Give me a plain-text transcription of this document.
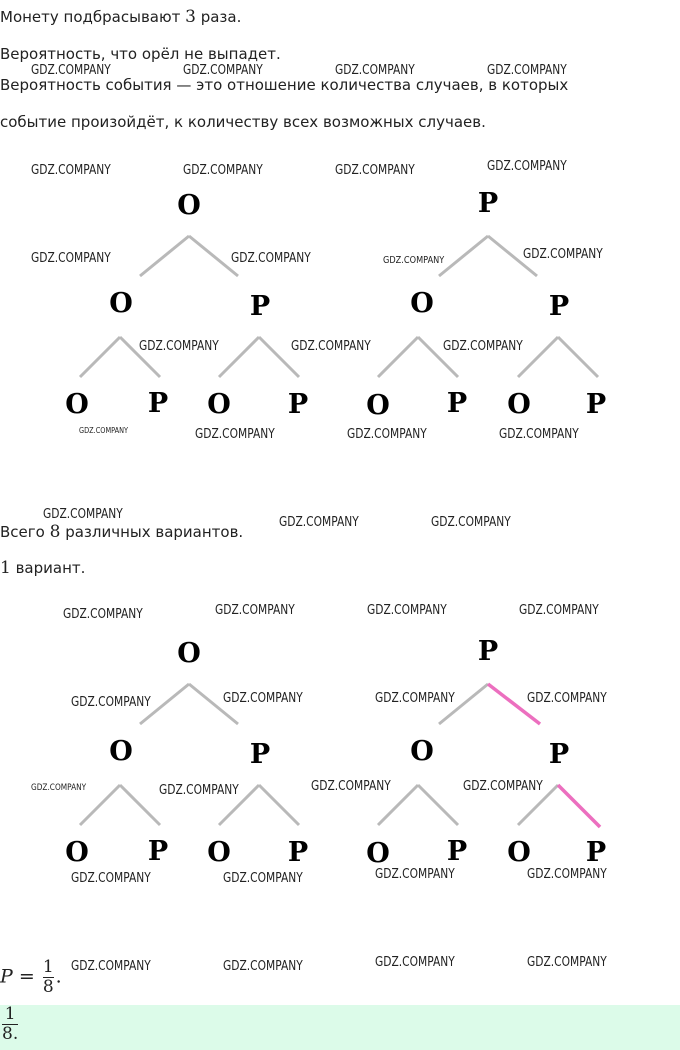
Монету подбрасывают 3 раза.
Вероятность, что орёл не выпадет.
Вероятность события — это отношение количества случаев, в которых
событие произойдёт, к количеству всех возможных случаев.
О	Р
О	Р	О	Р
О Р О Р О Р О Р
Всего 8 различных вариантов.
1 вариант.
О	Р
О	Р	О	Р
О Р О Р О Р О Р
$P = \frac{1}{8}$ .
1
8.
GDZ.COMPANY	GDZ.COMPANY	GDZ.COMPANY	GDZ.COMPANY
GDZ.COMPANY	GDZ.COMPANY	GDZ.COMPANY	GDZ.COMPANY
GDZ.COMPANY	GDZ.COMPANY	GDZ.COMPANY	GDZ.COMPANY
GDZ.COMPANY	GDZ.COMPANY	GDZ.COMPANY
GDZ.COMPANY	GDZ.COMPANY	GDZ.COMPANY	GDZ.COMPANY
GDZ.COMPANY
GDZ.COMPANY	GDZ.COMPANY
GDZ.COMPANY	GDZ.COMPANY	GDZ.COMPANY	GDZ.COMPANY
GDZ.COMPANY	GDZ.COMPANY	GDZ.COMPANY	GDZ.COMPANY
GDZ.COMPANY	GDZ.COMPANY	GDZ.COMPANY	GDZ.COMPANY
GDZ.COMPANY	GDZ.COMPANY	GDZ.COMPANY	GDZ.COMPANY
GDZ.COMPANY	GDZ.COMPANY	GDZ.COMPANY	GDZ.COMPANY
